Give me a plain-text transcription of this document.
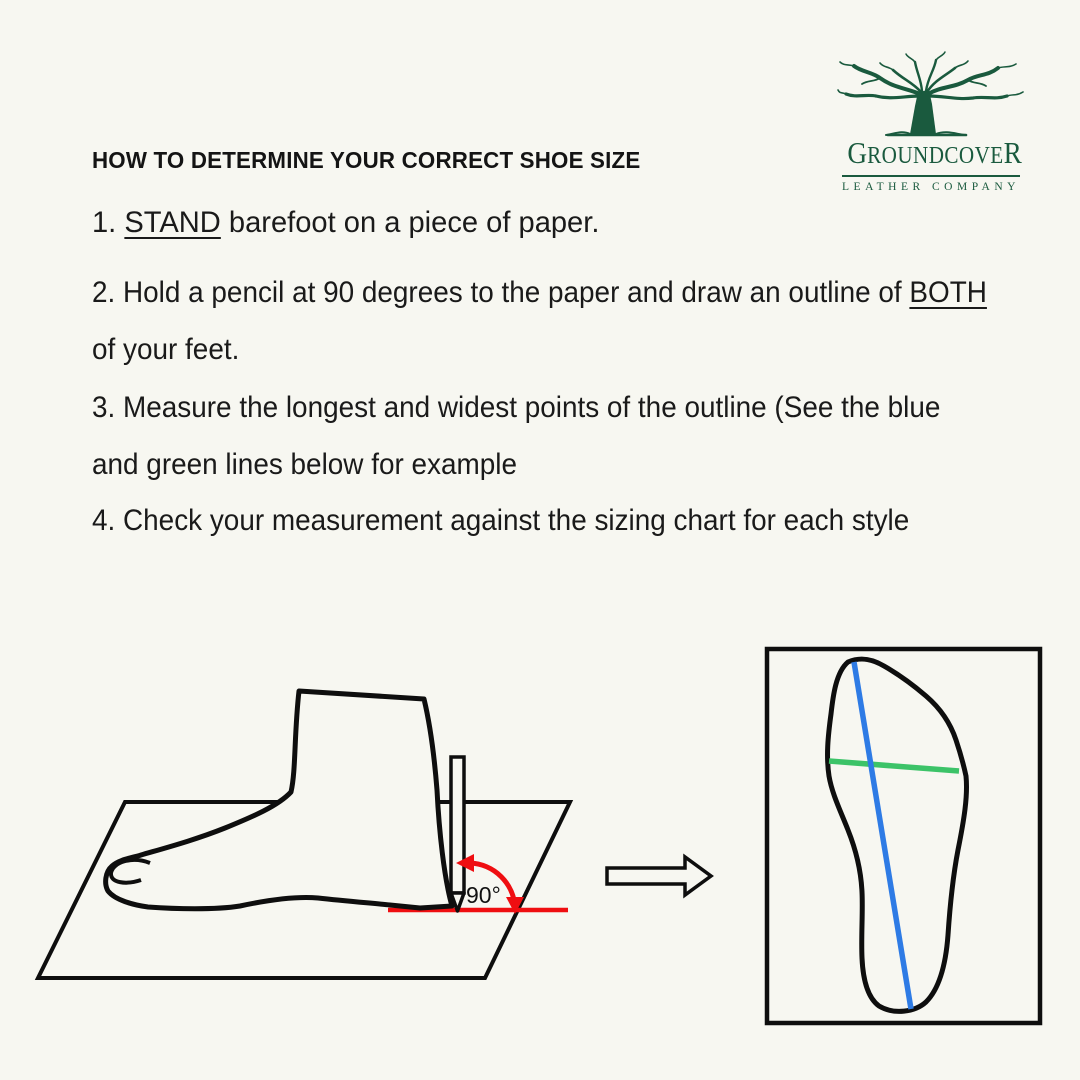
GROUNDCOVER
LEATHER COMPANY
HOW TO DETERMINE YOUR CORRECT SHOE SIZE
1. STAND barefoot on a piece of paper.
2. Hold a pencil at 90 degrees to the paper and draw an outline of BOTH
of your feet.
3. Measure the longest and widest points of the outline (See the blue
and green lines below for example
4. Check your measurement against the sizing chart for each style
90°
